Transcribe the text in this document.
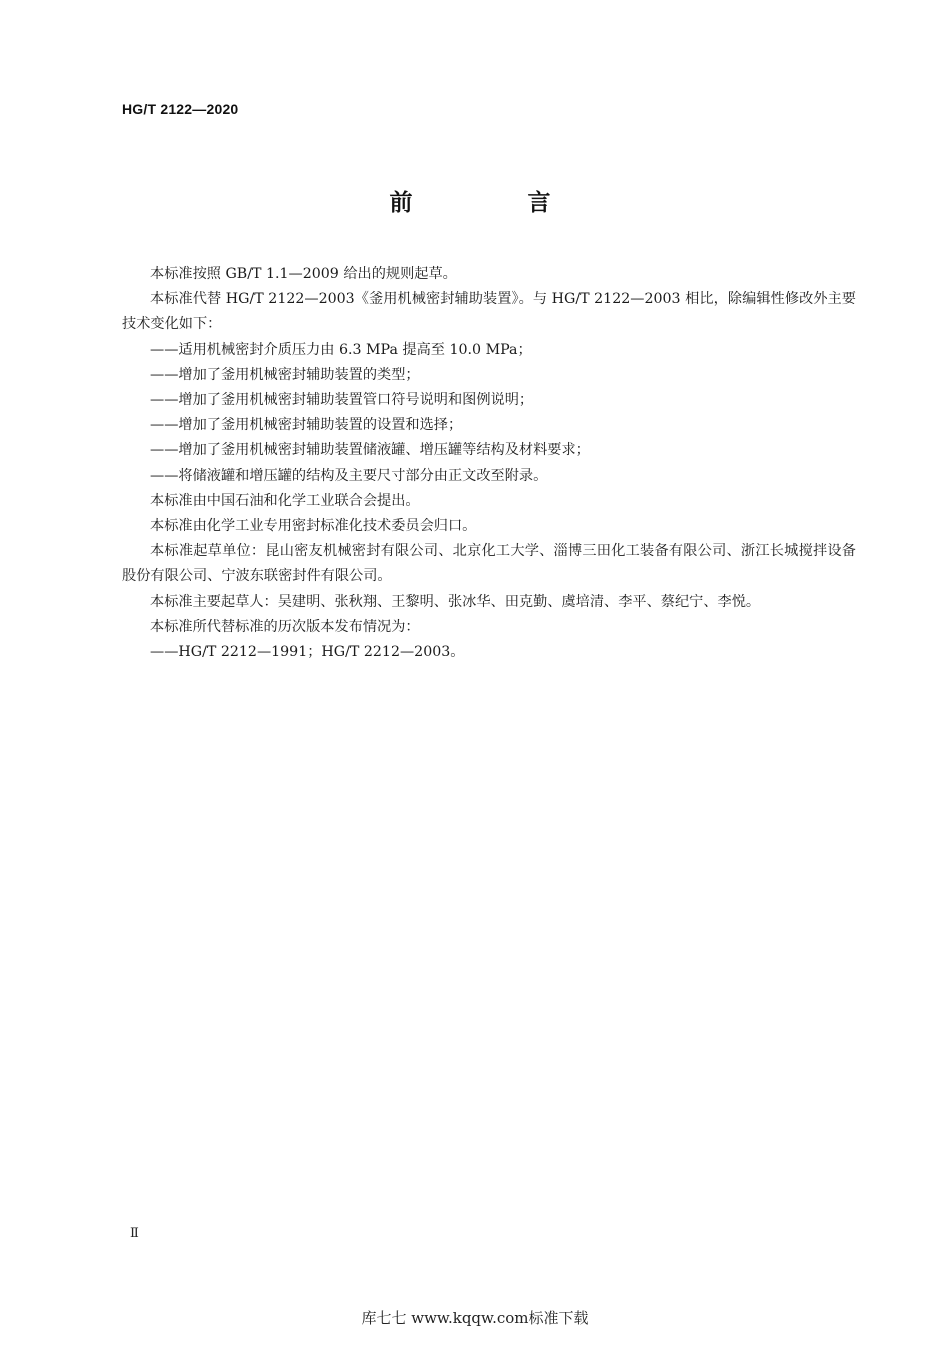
HG/T 2122—2020
前　言

本标准按照 GB/T 1.1—2009 给出的规则起草。

本标准代替 HG/T 2122—2003《釜用机械密封辅助装置》。与 HG/T 2122—2003 相比，除编辑性修改外主要技术变化如下：

——适用机械密封介质压力由 6.3 MPa 提高至 10.0 MPa；

——增加了釜用机械密封辅助装置的类型；

——增加了釜用机械密封辅助装置管口符号说明和图例说明；

——增加了釜用机械密封辅助装置的设置和选择；

——增加了釜用机械密封辅助装置储液罐、增压罐等结构及材料要求；

——将储液罐和增压罐的结构及主要尺寸部分由正文改至附录。

本标准由中国石油和化学工业联合会提出。

本标准由化学工业专用密封标准化技术委员会归口。

本标准起草单位：昆山密友机械密封有限公司、北京化工大学、淄博三田化工装备有限公司、浙江长城搅拌设备股份有限公司、宁波东联密封件有限公司。

本标准主要起草人：吴建明、张秋翔、王黎明、张冰华、田克勤、虞培清、李平、蔡纪宁、李悦。

本标准所代替标准的历次版本发布情况为：

——HG/T 2212—1991；HG/T 2212—2003。

Ⅱ
库七七 www.kqqw.com标准下载
